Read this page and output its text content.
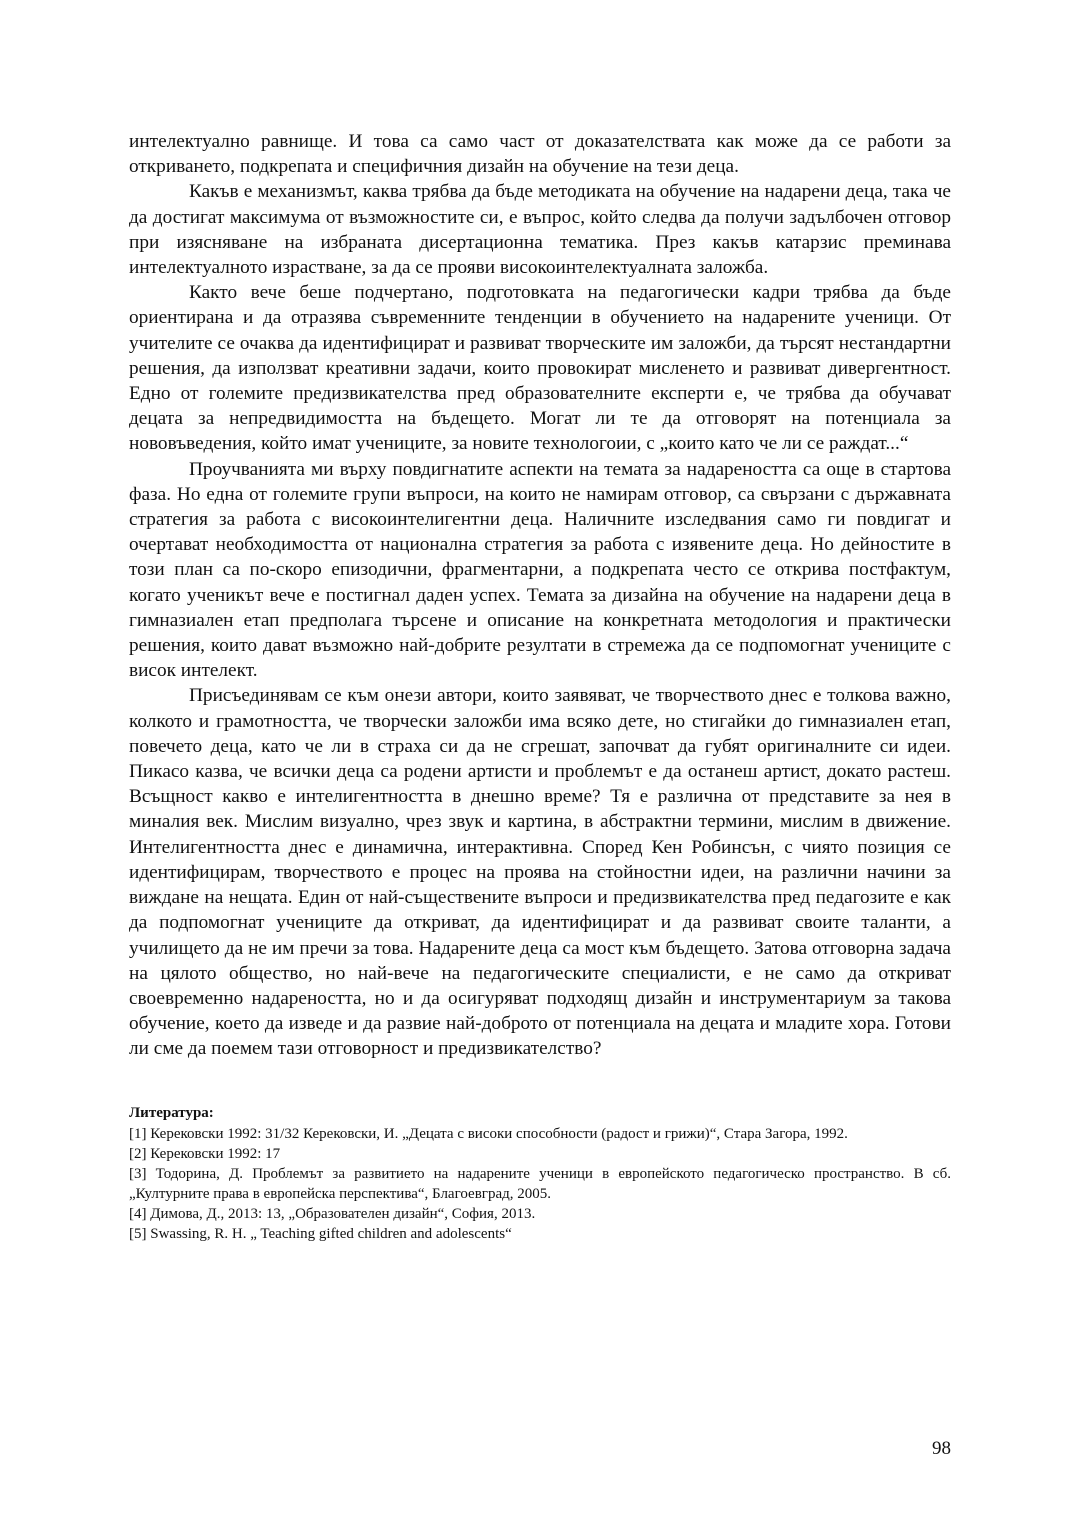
интелектуално равнище. И това са само част от доказателствата как може да се работи за откриването, подкрепата и специфичния дизайн на обучение на тези деца.

Какъв е механизмът, каква трябва да бъде методиката на обучение на надарени деца, така че да достигат максимума от възможностите си, е въпрос, който следва да получи задълбочен отговор при изясняване на избраната дисертационна тематика. През какъв катарзис преминава интелектуалното израстване, за да се прояви високоинтелектуалната заложба.

Както вече беше подчертано, подготовката на педагогически кадри трябва да бъде ориентирана и да отразява съвременните тенденции в обучението на надарените ученици. От учителите се очаква да идентифицират и развиват творческите им заложби, да търсят нестандартни решения, да използват креативни задачи, които провокират мисленето и развиват дивергентност. Едно от големите предизвикателства пред образователните експерти е, че трябва да обучават децата за непредвидимостта на бъдещето. Могат ли те да отговорят на потенциала за нововъведения, който имат учениците, за новите технологоии, с „които като че ли се раждат...“

Проучванията ми върху повдигнатите аспекти на темата за надареността са още в стартова фаза. Но една от големите групи въпроси, на които не намирам отговор, са свързани с държавната стратегия за работа с високоинтелигентни деца. Наличните изследвания само ги повдигат и очертават необходимостта от национална стратегия за работа с изявените деца. Но дейностите в този план са по-скоро епизодични, фрагментарни, а подкрепата често се открива постфактум, когато ученикът вече е постигнал даден успех. Темата за дизайна на обучение на надарени деца в гимназиален етап предполага търсене и описание на конкретната методология и практически решения, които дават възможно най-добрите резултати в стремежа да се подпомогнат учениците с висок интелект.

Присъединявам се към онези автори, които заявяват, че творчеството днес е толкова важно, колкото и грамотността, че творчески заложби има всяко дете, но стигайки до гимназиален етап, повечето деца, като че ли в страха си да не сгрешат, започват да губят оригиналните си идеи. Пикасо казва, че всички деца са родени артисти и проблемът е да останеш артист, докато растеш. Всъщност какво е интелигентността в днешно време? Тя е различна от представите за нея в миналия век. Мислим визуално, чрез звук и картина, в абстрактни термини, мислим в движение. Интелигентността днес е динамична, интерактивна. Според Кен Робинсън, с чиято позиция се идентифицирам, творчеството е процес на проява на стойностни идеи, на различни начини за виждане на нещата. Един от най-съществените въпроси и предизвикателства пред педагозите е как да подпомогнат учениците да откриват, да идентифицират и да развиват своите таланти, а училището да не им пречи за това. Надарените деца са мост към бъдещето. Затова отговорна задача на цялото общество, но най-вече на педагогическите специалисти, е не само да откриват своевременно надареността, но и да осигуряват подходящ дизайн и инструментариум за такова обучение, което да изведе и да развие най-доброто от потенциала на децата и младите хора. Готови ли сме да поемем тази отговорност и предизвикателство?

Литература:

[1] Керековски 1992: 31/32 Керековски, И. „Децата с високи способности (радост и грижи)“, Стара Загора, 1992.

[2] Керековски 1992: 17

[3] Тодорина, Д. Проблемът за развитието на надарените ученици в европейското педагогическо пространство. В сб. „Културните права в европейска перспектива“, Благоевград, 2005.

[4] Димова, Д., 2013: 13, „Образователен дизайн“, София, 2013.

[5] Swassing, R. H. „ Teaching gifted children and adolescents“

98
